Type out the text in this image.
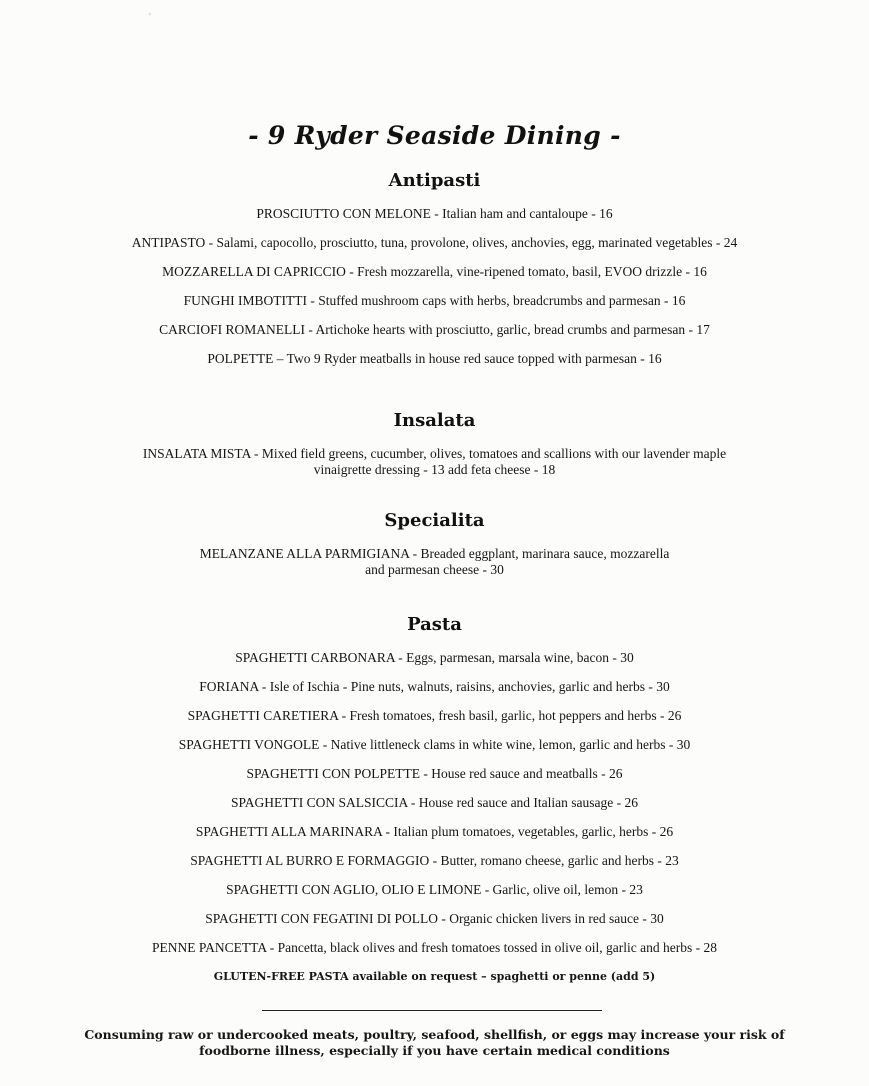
ﾞ
- 9 Ryder Seaside Dining -
Antipasti
PROSCIUTTO CON MELONE - Italian ham and cantaloupe - 16
ANTIPASTO - Salami, capocollo, prosciutto, tuna, provolone, olives, anchovies, egg, marinated vegetables - 24
MOZZARELLA DI CAPRICCIO - Fresh mozzarella, vine-ripened tomato, basil, EVOO drizzle - 16
FUNGHI IMBOTITTI - Stuffed mushroom caps with herbs, breadcrumbs and parmesan - 16
CARCIOFI ROMANELLI - Artichoke hearts with prosciutto, garlic, bread crumbs and parmesan - 17
POLPETTE – Two 9 Ryder meatballs in house red sauce topped with parmesan - 16
Insalata
INSALATA MISTA - Mixed field greens, cucumber, olives, tomatoes and scallions with our lavender maple
vinaigrette dressing - 13 add feta cheese - 18
Specialita
MELANZANE ALLA PARMIGIANA - Breaded eggplant, marinara sauce, mozzarella
and parmesan cheese - 30
Pasta
SPAGHETTI CARBONARA - Eggs, parmesan, marsala wine, bacon - 30
FORIANA - Isle of Ischia - Pine nuts, walnuts, raisins, anchovies, garlic and herbs - 30
SPAGHETTI CARETIERA - Fresh tomatoes, fresh basil, garlic, hot peppers and herbs - 26
SPAGHETTI VONGOLE - Native littleneck clams in white wine, lemon, garlic and herbs - 30
SPAGHETTI CON POLPETTE - House red sauce and meatballs - 26
SPAGHETTI CON SALSICCIA - House red sauce and Italian sausage - 26
SPAGHETTI ALLA MARINARA - Italian plum tomatoes, vegetables, garlic, herbs - 26
SPAGHETTI AL BURRO E FORMAGGIO - Butter, romano cheese, garlic and herbs - 23
SPAGHETTI CON AGLIO, OLIO E LIMONE - Garlic, olive oil, lemon - 23
SPAGHETTI CON FEGATINI DI POLLO - Organic chicken livers in red sauce - 30
PENNE PANCETTA - Pancetta, black olives and fresh tomatoes tossed in olive oil, garlic and herbs - 28
GLUTEN-FREE PASTA available on request – spaghetti or penne (add 5)
Consuming raw or undercooked meats, poultry, seafood, shellfish, or eggs may increase your risk of
foodborne illness, especially if you have certain medical conditions
